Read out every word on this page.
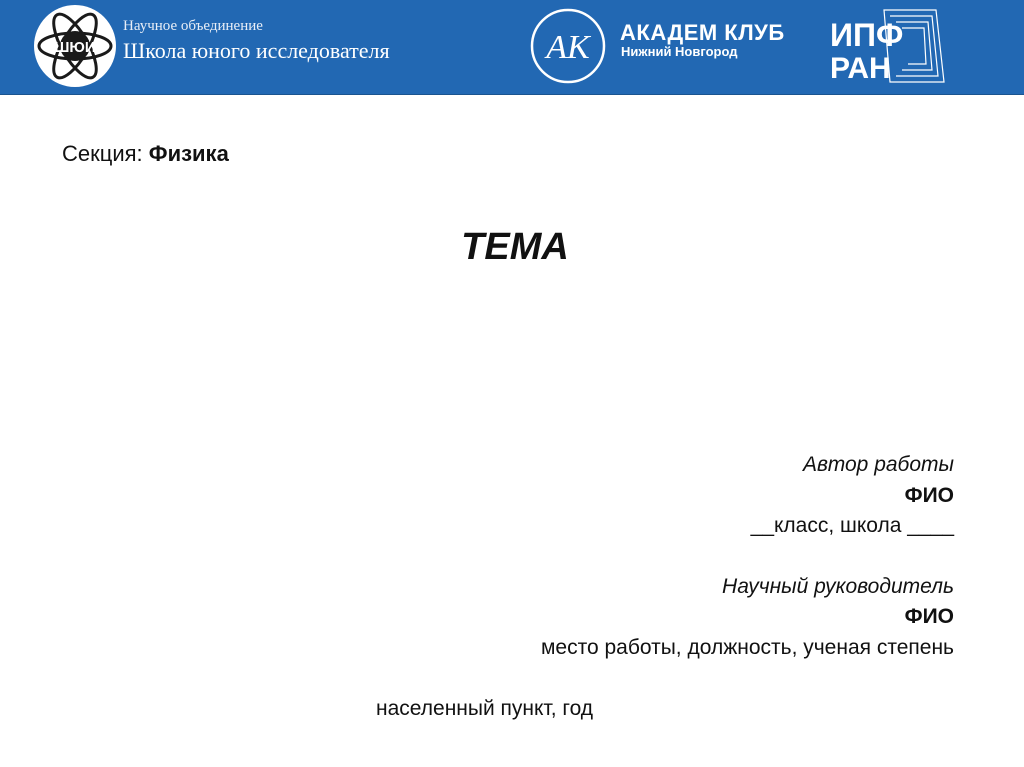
ШЮИ
Научное объединение
Школа юного исследователя	AK АКАДЕМ КЛУБ
Нижний Новгород	ИПФ
РАН
Секция: Физика
ТЕМА
Автор работы
ФИО
__класс, школа ____
Научный руководитель
ФИО
место работы, должность, ученая степень
населенный пункт, год
